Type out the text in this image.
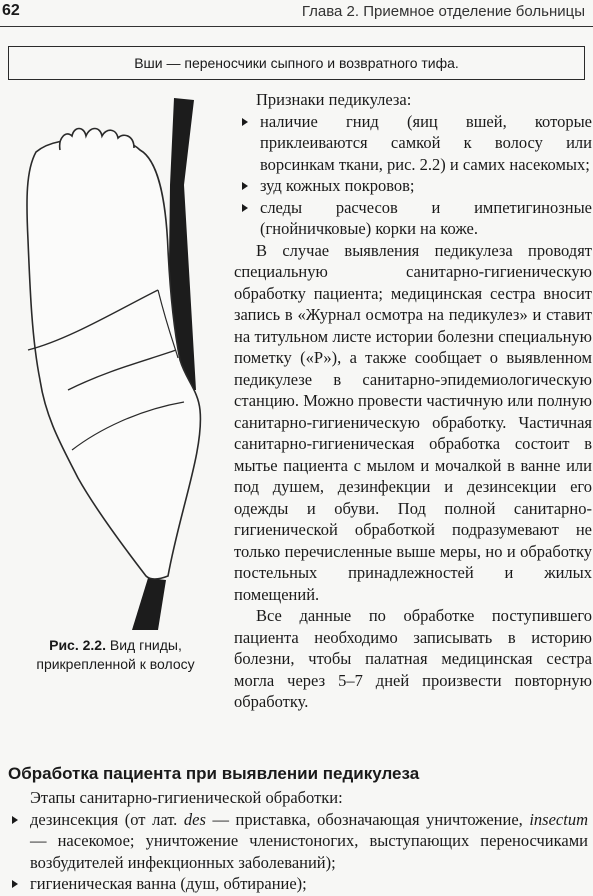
62	Глава 2. Приемное отделение больницы
Вши — переносчики сыпного и возвратного тифа.
Рис. 2.2. Вид гниды, прикрепленной к волосу

Признаки педикулеза:

наличие гнид (яиц вшей, которые приклеиваются самкой к волосу или ворсинкам ткани, рис. 2.2) и самих насекомых;
зуд кожных покровов;
следы расчесов и импетигинозные (гнойничковые) корки на коже.

В случае выявления педикулеза проводят специальную санитарно-гигиеническую обработку пациента; медицинская сестра вносит запись в «Журнал осмотра на педикулез» и ставит на титульном листе истории болезни специальную пометку («Р»), а также сообщает о выявленном педикулезе в санитарно-эпидемиологическую станцию. Можно провести частичную или полную санитарно-гигиеническую обработку. Частичная санитарно-гигиеническая обработка состоит в мытье пациента с мылом и мочалкой в ванне или под душем, дезинфекции и дезинсекции его одежды и обуви. Под полной санитарно-гигиенической обработкой подразумевают не только перечисленные выше меры, но и обработку постельных принадлежностей и жилых помещений.

Все данные по обработке поступившего пациента необходимо записывать в историю болезни, чтобы палатная медицинская сестра могла через 5–7 дней произвести повторную обработку.

Обработка пациента при выявлении педикулеза

Этапы санитарно-гигиенической обработки:

дезинсекция (от лат. des — приставка, обозначающая уничтожение, insectum — насекомое; уничтожение членистоногих, выступающих переносчиками возбудителей инфекционных заболеваний);
гигиеническая ванна (душ, обтирание);
